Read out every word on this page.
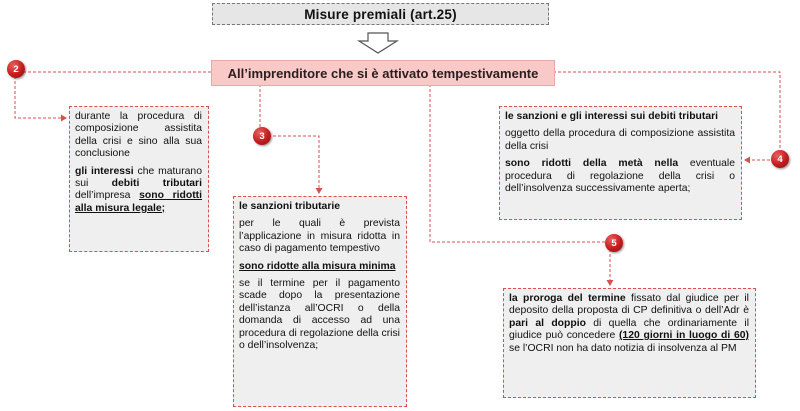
Misure premiali (art.25)
All’imprenditore che si è attivato tempestivamente
2
3
4
5

durante la procedura di composizione assistita della crisi e sino alla sua conclusione

gli interessi che maturano sui debiti tributari dell’impresa sono ridotti alla misura legale;	le sanzioni tributarie

per le quali è prevista l’applicazione in misura ridotta in caso di pagamento tempestivo

sono ridotte alla misura minima

se il termine per il pagamento scade dopo la presentazione dell’istanza all’OCRI o della domanda di accesso ad una procedura di regolazione della crisi o dell’insolvenza;

le sanzioni e gli interessi sui debiti tributari

oggetto della procedura di composizione assistita della crisi

sono ridotti della metà nella eventuale procedura di regolazione della crisi o dell’insolvenza successivamente aperta;

la proroga del termine fissato dal giudice per il deposito della proposta di CP definitiva o dell’Adr è pari al doppio di quella che ordinariamente il giudice può concedere (120 giorni in luogo di 60) se l’OCRI non ha dato notizia di insolvenza al PM
